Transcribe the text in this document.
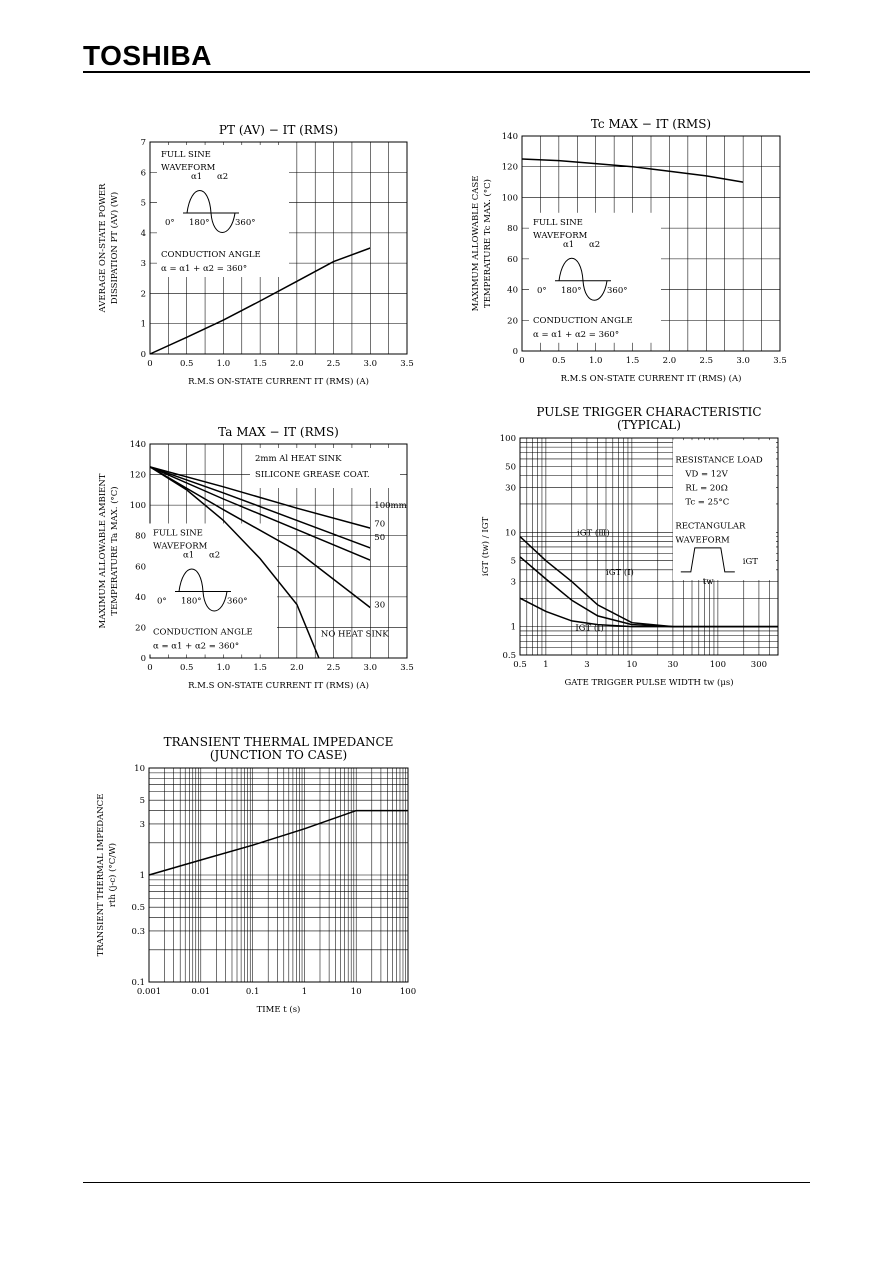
TOSHIBA
PT (AV) − IT (RMS)
0	0.5	1.0	1.5	2.0	2.5	3.0	3.5
0
1
2
3
4
5
6
7
R.M.S ON-STATE CURRENT IT (RMS) (A)
AVERAGE ON-STATE POWER DISSIPATION PT (AV) (W)
FULL SINE
WAVEFORM
α1 α2
0° 180°	360°
CONDUCTION ANGLE
α = α1 + α2 = 360°
Tc MAX − IT (RMS)
0	0.5	1.0	1.5	2.0	2.5	3.0	3.5
0
20
40
60
80
100
120
140
R.M.S ON-STATE CURRENT IT (RMS) (A)
MAXIMUM ALLOWABLE CASE TEMPERATURE Tc MAX. (°C)	FULL SINE
WAVEFORM
α1 α2
0° 180°	360°
CONDUCTION ANGLE
α = α1 + α2 = 360°
Ta MAX − IT (RMS)
0	0.5	1.0	1.5	2.0	2.5	3.0	3.5
0
20
40
60
80
100
120
140
R.M.S ON-STATE CURRENT IT (RMS) (A)
MAXIMUM ALLOWABLE AMBIENT TEMPERATURE Ta MAX. (°C)
2mm Al HEAT SINK
SILICONE GREASE COAT.
FULL SINE
WAVEFORM
α1 α2
0° 180°	360°
CONDUCTION ANGLE
α = α1 + α2 = 360°
100mm
70
50
30
NO HEAT SINK
PULSE TRIGGER CHARACTERISTIC
(TYPICAL)
0.5 1	3	10	30	100	300
0.5
1
3
5
10
30
50
100
GATE TRIGGER PULSE WIDTH tw (μs)
iGT (tw) / IGT
RESISTANCE LOAD
VD = 12V
RL = 20Ω
Tc = 25°C
RECTANGULAR
WAVEFORM
iGT
tw
iGT (Ⅲ)
iGT (Ⅰ)
IGT (Ⅰ)
TRANSIENT THERMAL IMPEDANCE
(JUNCTION TO CASE)
0.001	0.01	0.1	1	10	100
0.1
0.3
0.5
1
3
5
10
TIME t (s)
TRANSIENT THERMAL IMPEDANCE rth (j-c) (°C/W)
